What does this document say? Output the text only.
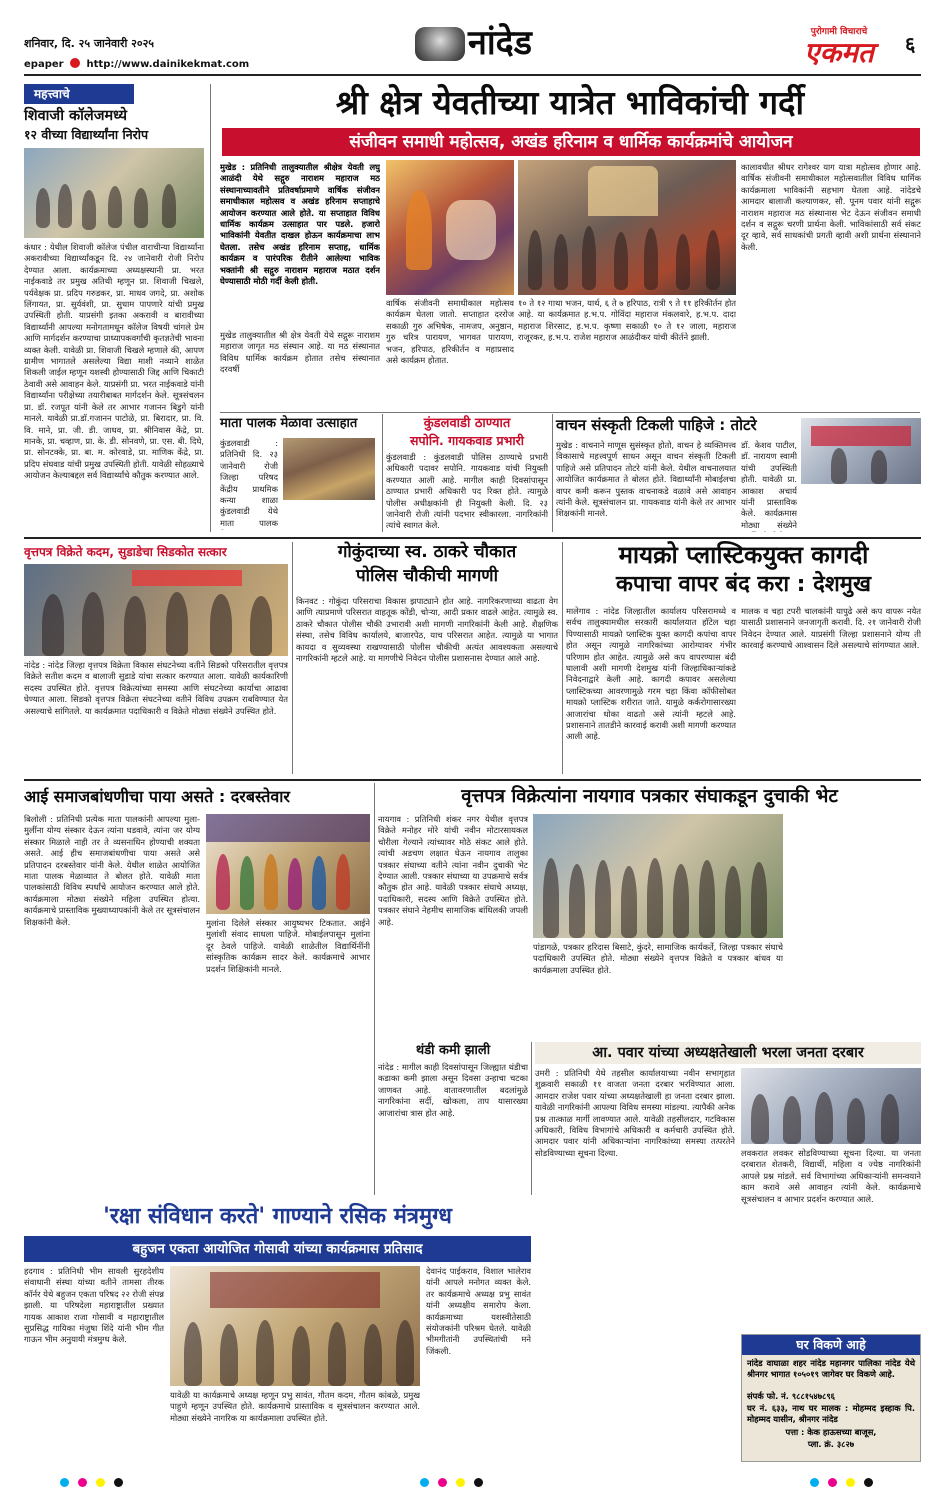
शनिवार, दि. २५ जानेवारी २०२५	नांदेड
epaper http://www.dainikekmat.com
पुरोगामी विचाराचे
एकमत	६
महत्त्वाचे
शिवाजी कॉलेजमध्ये
१२ वीच्या विद्यार्थ्यांना निरोप
कंधार : येथील शिवाजी कॉलेज पंचील वाराचीन्या विद्यार्थ्यांना अकरावीच्या विद्यार्थ्यांकडून दि. २४ जानेवारी रोजी निरोप देण्यात आला. कार्यक्रमाच्या अध्यक्षस्थानी प्रा. भरत नाईकवाडे तर प्रमुख अतिथी म्हणून प्रा. शिवाजी चिखले, पर्यवेक्षक प्रा. प्रदिप गरुडकर, प्रा. माधव जगदे, प्रा. अशोक लिंगायत, प्रा. सुर्यवंशी, प्रा. सुधाम पापणारे यांची प्रमुख उपस्थिती होती. याप्रसंगी इतका अकरावी व बारावीच्या विद्यार्थ्यांनी आपल्या मनोगतामधून कॉलेज विषयी चांगले प्रेम आणि मार्गदर्शन करण्याचा प्राध्यापकवर्गांची कृतज्ञतेची भावना व्यक्त केली. यावेळी प्रा. शिवाजी चिखले म्हणाले की, आपण ग्रामीण भागातले असलेल्या विद्या माशी नव्याने शाळेत शिकली जाईल म्हणून यशस्वी होण्यासाठी जिद्द आणि चिकाटी ठेवावी असे आवाहन केले. याप्रसंगी प्रा. भरत नाईकवाडे यांनी विद्यार्थ्यांना परीक्षेच्या तयारीबाबत मार्गदर्शन केले. सूत्रसंचलन प्रा. डॉ. रजपूत यांनी केले तर आभार गजानन बिडुगे यांनी मानले. यावेळी प्रा.डॉ.गजानन पाटोळे, प्रा. बिरादार, प्रा. वि. वि. माने, प्रा. जी. डी. जाधव, प्रा. श्रीनिवास केंद्रे, प्रा. मानके, प्रा. चव्हाण, प्रा. के. डी. सोनवणे, प्रा. एस. बी. दिघे, प्रा. सोनटक्के, प्रा. बा. म. कोरवाडे, प्रा. माणिक केंद्रे, प्रा. प्रदिप संघवाड यांची प्रमुख उपस्थिती होती. यावेळी सोहळ्याचे आयोजन केल्याबद्दल सर्व विद्यार्थ्यांचे कौतुक करण्यात आले.
श्री क्षेत्र येवतीच्या यात्रेत भाविकांची गर्दी
संजीवन समाधी महोत्सव, अखंड हरिनाम व धार्मिक कार्यक्रमांचे आयोजन
मुखेड : प्रतिनिधी तालुक्यातील श्रीक्षेत्र येवती लघु आळंदी येथे सद्गुरु नाराशम महाराज मठ संस्थानाच्यावतीने प्रतिवर्षाप्रमाणे वार्षिक संजीवन समाधीकाल महोत्सव व अखंड हरिनाम सप्ताहाचे आयोजन करण्यात आले होते. या सप्ताहात विविध धार्मिक कार्यक्रम उत्साहात पार पडले. हजारो भाविकांनी येवतीत दाखल होऊन कार्यक्रमाचा लाभ घेतला. तसेच अखंड हरिनाम सप्ताह, धार्मिक कार्यक्रम व पारंपरिक रीतीने आलेल्या भाविक भक्तांनी श्री सद्गुरु नाराशम महाराज मठात दर्शन घेण्यासाठी मोठी गर्दी केली होती.
मुखेड तालुक्यातील श्री क्षेत्र येवती येथे सद्गुरू नाराशम महाराज जागृत मठ संस्थान आहे. या मठ संस्थानात विविध धार्मिक कार्यक्रम होतात तसेच संस्थानात दरवर्षी
वार्षिक संजीवनी समाधीकाल महोत्सव कार्यक्रम घेतला जातो. सप्ताहात दररोज सकाळी गुरु अभिषेक, नामजप, अनुष्ठान, गुरु चरित्र पारायण, भागवत पारायण, भजन, हरिपाठ, हरिकीर्तन व महाप्रसाद असे कार्यक्रम होतात.
१० ते १२ गाथा भजन, यार्थ, ६ ते ७ हरिपाठ, रात्री ९ ते ११ हरिकीर्तन होत आहे. या कार्यक्रमात ह.भ.प. गोविंदा महाराज मंकलवारे, ह.भ.प. दादा महाराज शिरसाट, ह.भ.प. कृष्णा सकाळी १० ते १२ जाला, महाराज राजूरकर, ह.भ.प. राजेश महाराज आळंदीकर यांची कीर्तने झाली.
कालावधीत श्रीधर रागेश्वर याग यात्रा महोत्सव होणार आहे. वार्षिक संजीवनी समाधीकाल महोत्सवातील विविध धार्मिक कार्यक्रमाला भाविकांनी सहभाग घेतला आहे. नांदेडचे आमदार बालाजी कल्याणकर, सौ. पूनम पवार यांनी सद्गुरू नाराशम महाराज मठ संस्थानास भेट देऊन संजीवन समाधी दर्शन व सद्गुरू चरणी प्रार्थना केली. भाविकांसाठी सर्व संकट दूर व्हावे, सर्व साधकांची प्रगती व्हावी अशी प्रार्थना संस्थानाने केली.
माता पालक मेळावा उत्साहात
कुंडलवाडी : प्रतिनिधी दि. २३ जानेवारी रोजी जिल्हा परिषद केंद्रीय प्राथमिक कन्या शाळा कुंडलवाडी येथे माता पालक
कुंडलवाडी ठाण्यात
सपोनि. गायकवाड प्रभारी
कुंडलवाडी : कुंडलवाडी पोलिस ठाण्याचे प्रभारी अधिकारी पदावर सपोनि. गायकवाड यांची नियुक्ती करण्यात आली आहे. मागील काही दिवसांपासून ठाण्यात प्रभारी अधिकारी पद रिक्त होते. त्यामुळे पोलीस अधीक्षकांनी ही नियुक्ती केली. दि. २३ जानेवारी रोजी त्यांनी पदभार स्वीकारला. नागरिकांनी त्यांचे स्वागत केले.
वाचन संस्कृती टिकली पाहिजे : तोटरे
मुखेड : वाचनाने माणूस सुसंस्कृत होतो, वाचन हे व्यक्तिमत्त्व विकासाचे महत्त्वपूर्ण साधन असून वाचन संस्कृती टिकली पाहिजे असे प्रतिपादन तोटरे यांनी केले. येथील वाचनालयात आयोजित कार्यक्रमात ते बोलत होते. विद्यार्थ्यांनी मोबाईलचा वापर कमी करून पुस्तक वाचनाकडे वळावे असे आवाहन त्यांनी केले. सूत्रसंचालन प्रा. गायकवाड यांनी केले तर आभार शिक्षकांनी मानले.
डॉ. केशव पाटील, डॉ. नारायण स्वामी यांची उपस्थिती होती. यावेळी प्रा. आकाश अचार्य यांनी प्रास्ताविक केले. कार्यक्रमास मोठ्या संख्येने
वृत्तपत्र विक्रेते कदम, सुडाडेचा सिडकोत सत्कार
नांदेड : नांदेड जिल्हा वृत्तपत्र विक्रेता विकास संघटनेच्या वतीने सिडको परिसरातील वृत्तपत्र विक्रेते सतीश कदम व बालाजी सुडाडे यांचा सत्कार करण्यात आला. यावेळी कार्यकारिणी सदस्य उपस्थित होते. वृत्तपत्र विक्रेत्यांच्या समस्या आणि संघटनेच्या कार्याचा आढावा घेण्यात आला. सिडको वृत्तपत्र विक्रेता संघटनेच्या वतीने विविध उपक्रम राबविण्यात येत असल्याचे सांगितले. या कार्यक्रमात पदाधिकारी व विक्रेते मोठ्या संख्येने उपस्थित होते.
गोकुंदाच्या स्व. ठाकरे चौकात
पोलिस चौकीची मागणी
किनवट : गोकुंदा परिसराचा विकास झपाट्याने होत आहे. नागरिकरणाच्या वाढता वेग आणि त्याप्रमाणे परिसरात वाहतूक कोंडी, चोऱ्या, आदी प्रकार वाढले आहेत. त्यामुळे स्व. ठाकरे चौकात पोलीस चौकी उभारावी अशी मागणी नागरिकांनी केली आहे. शैक्षणिक संस्था, तसेच विविध कार्यालये, बाजारपेठ, याच परिसरात आहेत. त्यामुळे या भागात कायदा व सुव्यवस्था राखण्यासाठी पोलीस चौकीची अत्यंत आवश्यकता असल्याचे नागरिकांनी म्हटले आहे. या मागणीचे निवेदन पोलीस प्रशासनास देण्यात आले आहे.
मायक्रो प्लास्टिकयुक्त कागदी
कपाचा वापर बंद करा : देशमुख
मालेगाव : नांदेड जिल्हातील कार्यालय परिसरामध्ये व सर्वच तालुक्यामधील सरकारी कार्यालयात हॉटेल चहा पिण्यासाठी मायक्रो प्लास्टिक युक्त कागदी कपांचा वापर होत असून त्यामुळे नागरिकांच्या आरोग्यावर गंभीर परिणाम होत आहेत. त्यामुळे असे कप वापरण्यास बंदी घालावी अशी मागणी देशमुख यांनी जिल्हाधिकाऱ्यांकडे निवेदनाद्वारे केली आहे. कागदी कपावर असलेल्या प्लास्टिकच्या आवरणामुळे गरम चहा किंवा कॉफीसोबत मायक्रो प्लास्टिक शरीरात जाते. यामुळे कर्करोगासारख्या आजारांचा धोका वाढतो असे त्यांनी म्हटले आहे. प्रशासनाने तातडीने कारवाई करावी अशी मागणी करण्यात आली आहे.
मालक व चहा टपरी चालकांनी यापुढे असे कप वापरू नयेत यासाठी प्रशासनाने जनजागृती करावी. दि. २१ जानेवारी रोजी निवेदन देण्यात आले. याप्रसंगी जिल्हा प्रशासनाने योग्य ती कारवाई करण्याचे आश्वासन दिले असल्याचे सांगण्यात आले.
आई समाजबांधणीचा पाया असते : दरबस्तेवार
बिलोली : प्रतिनिधी प्रत्येक माता पालकांनी आपल्या मुला-मुलींना योग्य संस्कार देऊन त्यांना घडवावे, त्यांना जर योग्य संस्कार मिळाले नाही तर ते व्यसनाधिन होण्याची शक्यता असते. आई हीच समाजबांधणीचा पाया असते असे प्रतिपादन दरबस्तेवार यांनी केले. येथील शाळेत आयोजित माता पालक मेळाव्यात ते बोलत होते. यावेळी माता पालकांसाठी विविध स्पर्धांचे आयोजन करण्यात आले होते. कार्यक्रमाला मोठ्या संख्येने महिला उपस्थित होत्या. कार्यक्रमाचे प्रास्ताविक मुख्याध्यापकांनी केले तर सूत्रसंचालन शिक्षकांनी केले.	मुलांना दिलेले संस्कार आयुष्यभर टिकतात. आईने मुलांशी संवाद साधला पाहिजे. मोबाईलपासून मुलांना दूर ठेवले पाहिजे. यावेळी शाळेतील विद्यार्थिनींनी सांस्कृतिक कार्यक्रम सादर केले. कार्यक्रमाचे आभार प्रदर्शन शिक्षिकांनी मानले.
वृत्तपत्र विक्रेत्यांना नायगाव पत्रकार संघाकडून दुचाकी भेट
नायगाव : प्रतिनिधी शंकर नगर येथील वृत्तपत्र विक्रेते मनोहर मोरे यांची नवीन मोटारसायकल चोरीला गेल्याने त्यांच्यावर मोठे संकट आले होते. त्यांची अडचण लक्षात घेऊन नायगाव तालुका पत्रकार संघाच्या वतीने त्यांना नवीन दुचाकी भेट देण्यात आली. पत्रकार संघाच्या या उपक्रमाचे सर्वत्र कौतुक होत आहे. यावेळी पत्रकार संघाचे अध्यक्ष, पदाधिकारी, सदस्य आणि विक्रेते उपस्थित होते. पत्रकार संघाने नेहमीच सामाजिक बांधिलकी जपली आहे.
पांडागळे, पत्रकार हरिदास बिसाटे, कुंदरे, सामाजिक कार्यकर्ते, जिल्हा पत्रकार संघाचे पदाधिकारी उपस्थित होते. मोठ्या संख्येने वृत्तपत्र विक्रेते व पत्रकार बांधव या कार्यक्रमाला उपस्थित होते.
थंडी कमी झाली
नांदेड : मागील काही दिवसांपासून जिल्ह्यात थंडीचा कडाका कमी झाला असून दिवसा उन्हाचा चटका जाणवत आहे. वातावरणातील बदलांमुळे नागरिकांना सर्दी, खोकला, ताप यासारख्या आजारांचा त्रास होत आहे.
आ. पवार यांच्या अध्यक्षतेखाली भरला जनता दरबार
उमरी : प्रतिनिधी येथे तहसील कार्यालयाच्या नवीन सभागृहात शुक्रवारी सकाळी ११ वाजता जनता दरबार भरविण्यात आला. आमदार राजेश पवार यांच्या अध्यक्षतेखाली हा जनता दरबार झाला. यावेळी नागरिकांनी आपल्या विविध समस्या मांडल्या. त्यापैकी अनेक प्रश्न तात्काळ मार्गी लावण्यात आले. यावेळी तहसीलदार, गटविकास अधिकारी, विविध विभागांचे अधिकारी व कर्मचारी उपस्थित होते. आमदार पवार यांनी अधिकाऱ्यांना नागरिकांच्या समस्या तत्परतेने सोडविण्याच्या सूचना दिल्या.	लवकरात लवकर सोडविण्याच्या सूचना दिल्या. या जनता दरबारात शेतकरी, विद्यार्थी, महिला व ज्येष्ठ नागरिकांनी आपले प्रश्न मांडले. सर्व विभागांच्या अधिकाऱ्यांनी समन्वयाने काम करावे असे आवाहन त्यांनी केले. कार्यक्रमाचे सूत्रसंचालन व आभार प्रदर्शन करण्यात आले.
'रक्षा संविधान करते' गाण्याने रसिक मंत्रमुग्ध
बहुजन एकता आयोजित गोसावी यांच्या कार्यक्रमास प्रतिसाद
हदगाव : प्रतिनिधी भीम सावली सुरहदेशीय संवाधानी संस्था यांच्या वतीने तामसा तीरक कॉर्नर येथे बहुजन एकता परिषद २२ रोजी संपन्न झाली. या परिषदेला महाराष्ट्रातील प्रख्यात गायक आकाश राजा गोसावी व महाराष्ट्रातील सुप्रसिद्ध गायिका मंजुषा शिंदे यांनी भीम गीत गाऊन भीम अनुयायी मंत्रमुग्ध केले.
यावेळी या कार्यक्रमाचे अध्यक्ष म्हणून प्रभु सावंत, गौतम कदम, गौतम कांबळे, प्रमुख पाहुणे म्हणून उपस्थित होते. कार्यक्रमाचे प्रास्ताविक व सूत्रसंचालन करण्यात आले. मोठ्या संख्येने नागरिक या कार्यक्रमाला उपस्थित होते.
देवानंद पाईकराव, विशाल भालेराव यांनी आपले मनोगत व्यक्त केले. तर कार्यक्रमाचे अध्यक्ष प्रभु सावंत यांनी अध्यक्षीय समारोप केला. कार्यक्रमाच्या यशस्वीतेसाठी संयोजकांनी परिश्रम घेतले. यावेळी भीमगीतांनी उपस्थितांची मने जिंकली.	घर विकणे आहे
नांदेड वाघाळा शहर नांदेड महानगर पालिका नांदेड येथे श्रीनगर भागात १०५०१९ जागेवर घर विकणे आहे.
संपर्क फो. नं. ९८८१५४७८९६
घर नं. ६३३, नाथ घर मालक : मोहम्मद इस्हाक पि. मोहम्मद यासीन, श्रीनगर नांदेड
पत्ता : केक हाऊसच्या बाजूस,
प्ला. क्रं. ३८२७
